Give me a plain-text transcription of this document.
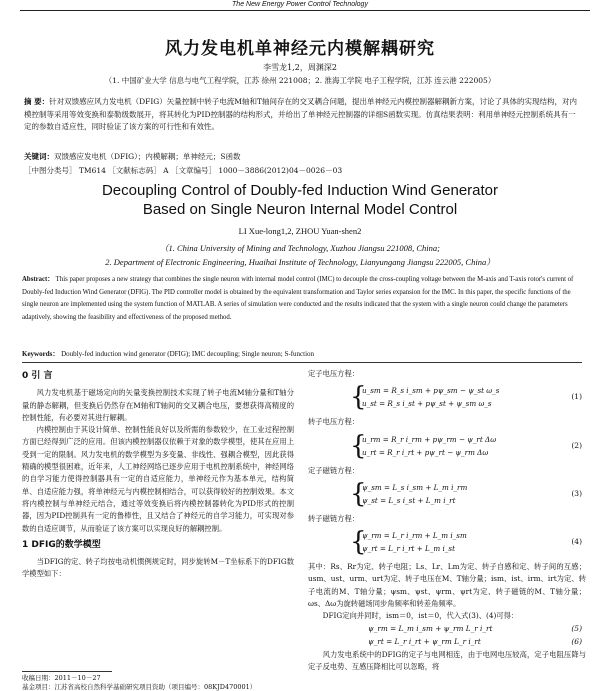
The New Energy Power Control Technology
风力发电机单神经元内模解耦研究
李雪龙1,2，周渊深2
（1. 中国矿业大学 信息与电气工程学院，江苏 徐州 221008；2. 淮海工学院 电子工程学院，江苏 连云港 222005）
摘 要：针对双馈感应风力发电机（DFIG）矢量控制中转子电流M轴和T轴间存在的交叉耦合问题，提出单神经元内模控制器解耦新方案，讨论了具体的实现结构，对内模控制等采用等效变换和泰勒级数展开，将其转化为PID控制器的结构形式，并给出了单神经元控制器的详细S函数实现。仿真结果表明：利用单神经元控制系统具有一定的参数自适应性，同时验证了该方案的可行性和有效性。
关键词：双馈感应发电机（DFIG）；内模解耦；单神经元；S函数
［中图分类号］ TM614 ［文献标志码］ A ［文章编号］ 1000－3886(2012)04－0026－03
Decoupling Control of Doubly-fed Induction Wind Generator
Based on Single Neuron Internal Model Control
LI Xue-long1,2, ZHOU Yuan-shen2
（1. China University of Mining and Technology, Xuzhou Jiangsu 221008, China;
2. Department of Electronic Engineering, Huaihai Institute of Technology, Lianyungang Jiangsu 222005, China）
Abstract： This paper proposes a new strategy that combines the single neuron with internal model control (IMC) to decouple the cross-coupling voltage between the M-axis and T-axis rotor's current of Doubly-fed Induction Wind Generator (DFIG). The PID controller model is obtained by the equivalent transformation and Taylor series expansion for the IMC. In this paper, the specific functions of the single neuron are implemented using the system function of MATLAB. A series of simulation were conducted and the results indicated that the system with a single neuron could change the parameters adaptively, showing the feasibility and effectiveness of the proposed method.
Keywords： Doubly-fed induction wind generator (DFIG); IMC decoupling; Single neuron; S-function
0 引 言

风力发电机基于磁场定向的矢量变换控制技术实现了转子电流M轴分量和T轴分量的静态解耦，但变换后仍然存在M轴和T轴间的交叉耦合电压，要想获得高精度的控制性能，有必要对其进行解耦。

内模控制由于其设计简单、控制性能良好以及所需的参数较少，在工业过程控制方面已经得到广泛的应用。但该内模控制器仅依赖于对象的数学模型，使其在应用上受到一定的限制。风力发电机的数学模型为多变量、非线性、强耦合模型，因此获得精确的模型很困难，近年来，人工神经网络已逐步应用于电机控制系统中，神经网络的自学习能力使得控制器具有一定的自适应能力，单神经元作为基本单元，结构简单、自适应能力强，将单神经元与内模控制相结合，可以获得较好的控制效果。本文将内模控制与单神经元结合，通过等效变换后将内模控制器转化为PID形式的控制器，因为PID控制具有一定的鲁棒性，且又结合了神经元的自学习能力，可实现对参数的自适应调节，从而验证了该方案可以实现良好的解耦控制。

1 DFIG的数学模型

当DFIG的定、转子均按电动机惯例规定时，同步旋转M－T坐标系下的DFIG数学模型如下：

定子电压方程：
{
u_sm = R_s i_sm + pψ_sm − ψ_st ω_s
u_st = R_s i_st + pψ_st + ψ_sm ω_s
(1)
转子电压方程：
{
u_rm = R_r i_rm + pψ_rm − ψ_rt Δω
u_rt = R_r i_rt + pψ_rt − ψ_rm Δω
(2)
定子磁链方程：
{
ψ_sm = L_s i_sm + L_m i_rm
ψ_st = L_s i_st + L_m i_rt
(3)
转子磁链方程：
{
ψ_rm = L_r i_rm + L_m i_sm
ψ_rt = L_r i_rt + L_m i_st
(4)

其中：Rs、Rr为定、转子电阻；Ls、Lr、Lm为定、转子自感和定、转子间的互感；usm、ust、urm、urt为定、转子电压在M、T轴分量；ism、ist、irm、irt为定、转子电流的M、T轴分量；ψsm、ψst、ψrm、ψrt为定、转子磁链的M、T轴分量；ωs、Δω为旋转磁场同步角频率和转差角频率。

DFIG定向并同时，ism＝0，ist＝0，代入式(3)、(4)可得：

ψ_rm = L_m i_sm + ψ_rm L_r i_rt	(5)
ψ_rt = L_r i_rt + ψ_rm L_r i_rt	(6)

风力发电系统中的DFIG的定子与电网相连，由于电网电压较高，定子电阻压降与定子反电势、互感压降相比可以忽略，将

收稿日期：2011－10－27
基金项目：江苏省高校自然科学基础研究项目资助（项目编号：08KJD470001）
